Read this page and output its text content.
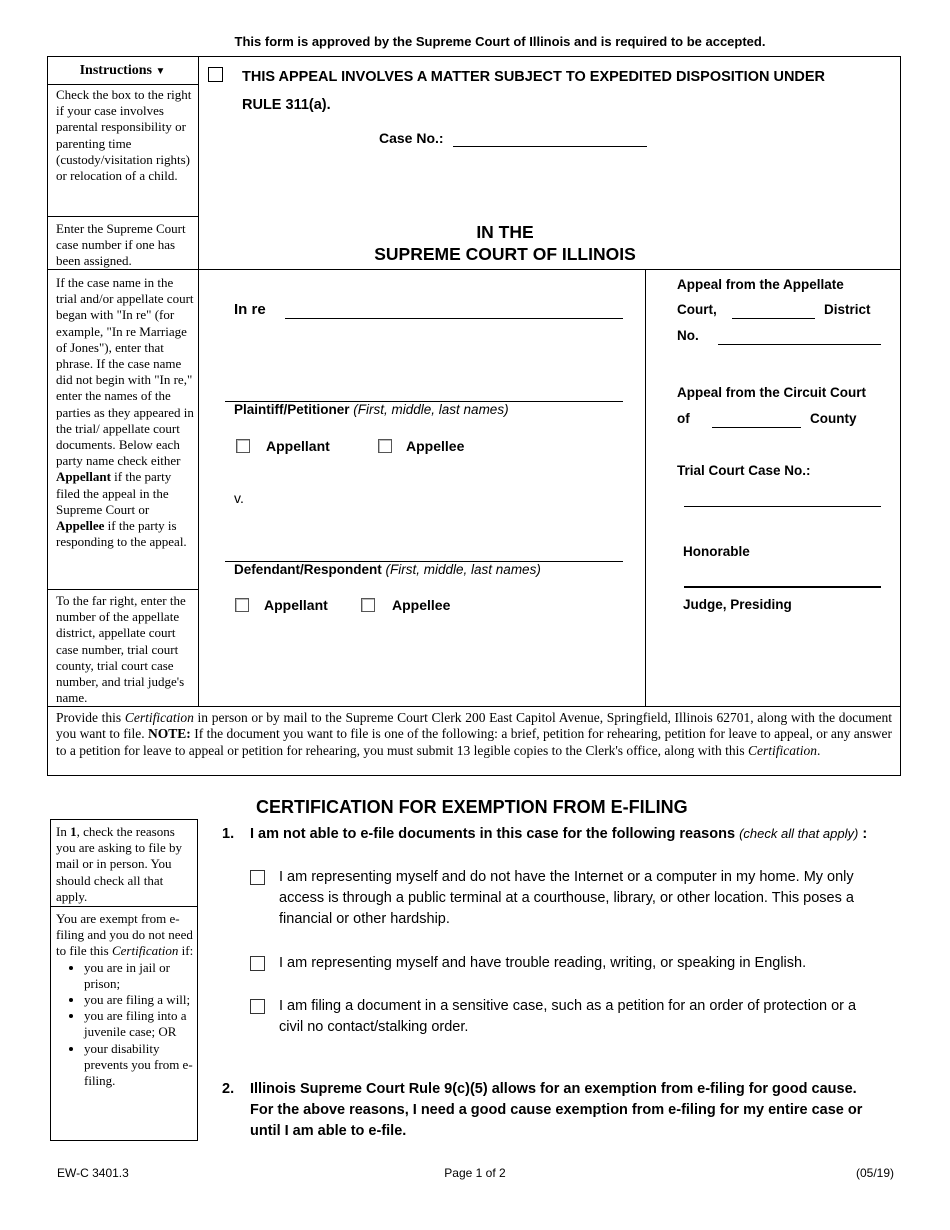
This form is approved by the Supreme Court of Illinois and is required to be accepted.
Instructions ▼
Check the box to the right if your case involves parental responsibility or parenting time (custody/visitation rights) or relocation of a child.
Enter the Supreme Court case number if one has been assigned.
If the case name in the trial and/or appellate court began with "In re" (for example, "In re Marriage of Jones"), enter that phrase. If the case name did not begin with "In re," enter the names of the parties as they appeared in the trial/ appellate court documents. Below each party name check either Appellant if the party filed the appeal in the Supreme Court or Appellee if the party is responding to the appeal.
To the far right, enter the number of the appellate district, appellate court case number, trial court county, trial court case number, and trial judge's name.
THIS APPEAL INVOLVES A MATTER SUBJECT TO EXPEDITED DISPOSITION UNDER
RULE 311(a).
Case No.:
IN THE
SUPREME COURT OF ILLINOIS
In re
Plaintiff/Petitioner (First, middle, last names)
Appellant	Appellee
v.
Defendant/Respondent (First, middle, last names)
Appellant	Appellee
Appeal from the Appellate
Court,	District
No.
Appeal from the Circuit Court
of	County
Trial Court Case No.:
Honorable
Judge, Presiding
Provide this Certification in person or by mail to the Supreme Court Clerk 200 East Capitol Avenue, Springfield, Illinois 62701, along with the document you want to file. NOTE: If the document you want to file is one of the following: a brief, petition for rehearing, petition for leave to appeal, or any answer to a petition for leave to appeal or petition for rehearing, you must submit 13 legible copies to the Clerk's office, along with this Certification.
CERTIFICATION FOR EXEMPTION FROM E-FILING
In 1, check the reasons you are asking to file by mail or in person. You should check all that apply.
You are exempt from e-filing and you do not need to file this Certification if:
• you are in jail or prison;
• you are filing a will;
• you are filing into a juvenile case; OR
• your disability prevents you from e-filing.
1. I am not able to e-file documents in this case for the following reasons (check all that apply) :
I am representing myself and do not have the Internet or a computer in my home. My only access is through a public terminal at a courthouse, library, or other location. This poses a financial or other hardship.
I am representing myself and have trouble reading, writing, or speaking in English.
I am filing a document in a sensitive case, such as a petition for an order of protection or a civil no contact/stalking order.
2. Illinois Supreme Court Rule 9(c)(5) allows for an exemption from e-filing for good cause. For the above reasons, I need a good cause exemption from e-filing for my entire case or until I am able to e-file.
EW-C 3401.3	Page 1 of 2	(05/19)
